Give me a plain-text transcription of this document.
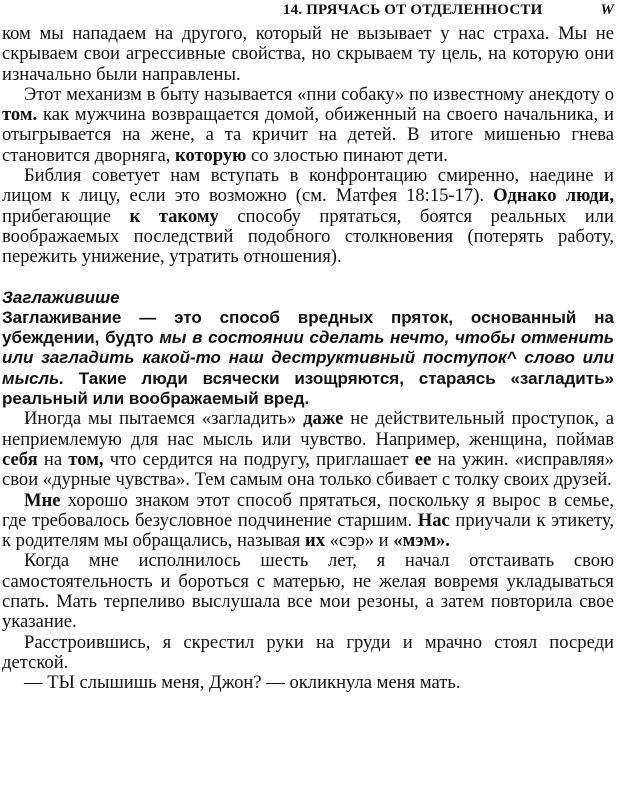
14. ПРЯЧАСЬ ОТ ОТДЕЛЕННОСТИ	W

ком мы нападаем на другого, который не вызывает у нас страха. Мы не скрываем свои агрессивные свойства, но скрываем ту цель, на которую они изначально были направлены.

Этот механизм в быту называется «пни собаку» по известному анекдоту о том. как мужчина возвращается домой, обиженный на своего начальника, и отыгрывается на жене, а та кричит на детей. В итоге мишенью гнева становится дворняга, которую со злостью пинают дети.

Библия советует нам вступать в конфронтацию смиренно, наедине и лицом к лицу, если это возможно (см. Матфея 18:15-17). Однако люди, прибегающие к такому способу прятаться, боятся реальных или воображаемых последствий подобного столкновения (потерять работу, пережить унижение, утратить отношения).

Заглаживише
Заглаживание — это способ вредных пряток, основанный на убеждении, будто мы в состоянии сделать нечто, чтобы отменить или загладить какой-то наш деструктивный поступок^ слово или мысль. Такие люди всячески изощряются, стараясь «загладить» реальный или воображаемый вред.

Иногда мы пытаемся «загладить» даже не действительный проступок, а неприемлемую для нас мысль или чувство. Например, женщина, поймав себя на том, что сердится на подругу, приглашает ее на ужин. «исправляя» свои «дурные чувства». Тем самым она только сбивает с толку своих друзей.

Мне хорошо знаком этот способ прятаться, поскольку я вырос в семье, где требовалось безусловное подчинение старшим. Нас приучали к этикету, к родителям мы обращались, называя их «сэр» и «мэм».

Когда мне исполнилось шесть лет, я начал отстаивать свою самостоятельность и бороться с матерью, не желая вовремя укладываться спать. Мать терпеливо выслушала все мои резоны, а затем повторила свое указание.

Расстроившись, я скрестил руки на груди и мрачно стоял посреди детской.

— ТЫ слышишь меня, Джон? — окликнула меня мать.
